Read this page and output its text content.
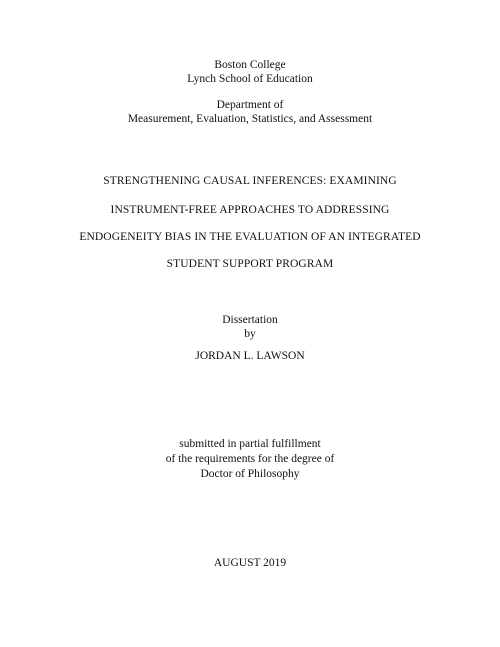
Boston College
Lynch School of Education
Department of
Measurement, Evaluation, Statistics, and Assessment
STRENGTHENING CAUSAL INFERENCES: EXAMINING
INSTRUMENT-FREE APPROACHES TO ADDRESSING
ENDOGENEITY BIAS IN THE EVALUATION OF AN INTEGRATED
STUDENT SUPPORT PROGRAM
Dissertation
by
JORDAN L. LAWSON
submitted in partial fulfillment
of the requirements for the degree of
Doctor of Philosophy
AUGUST 2019
